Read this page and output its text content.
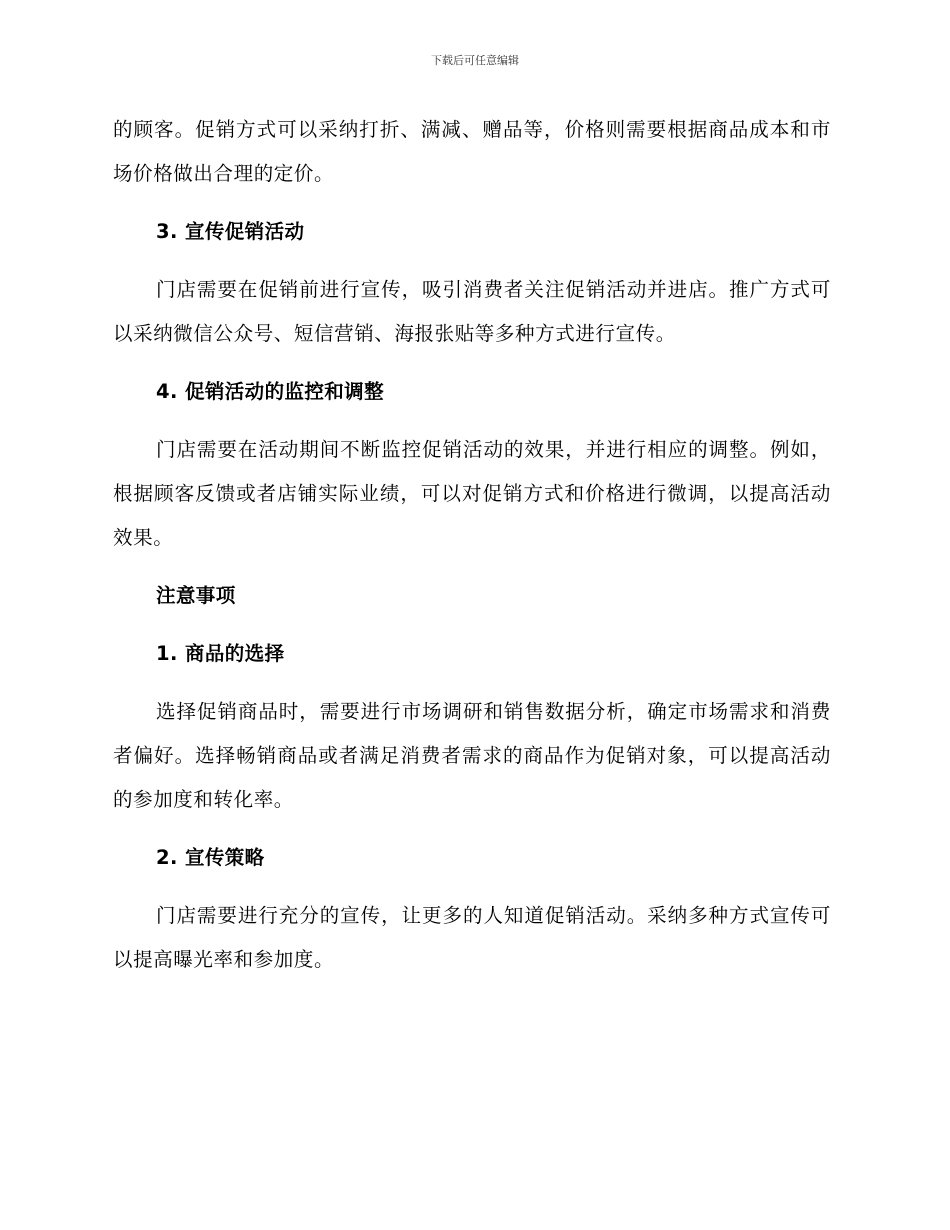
下载后可任意编辑

的顾客。促销方式可以采纳打折、满减、赠品等，价格则需要根据商品成本和市场价格做出合理的定价。

3. 宣传促销活动

门店需要在促销前进行宣传，吸引消费者关注促销活动并进店。推广方式可以采纳微信公众号、短信营销、海报张贴等多种方式进行宣传。

4. 促销活动的监控和调整

门店需要在活动期间不断监控促销活动的效果，并进行相应的调整。例如，根据顾客反馈或者店铺实际业绩，可以对促销方式和价格进行微调，以提高活动效果。

注意事项
1. 商品的选择

选择促销商品时，需要进行市场调研和销售数据分析，确定市场需求和消费者偏好。选择畅销商品或者满足消费者需求的商品作为促销对象，可以提高活动的参加度和转化率。

2. 宣传策略

门店需要进行充分的宣传，让更多的人知道促销活动。采纳多种方式宣传可以提高曝光率和参加度。
